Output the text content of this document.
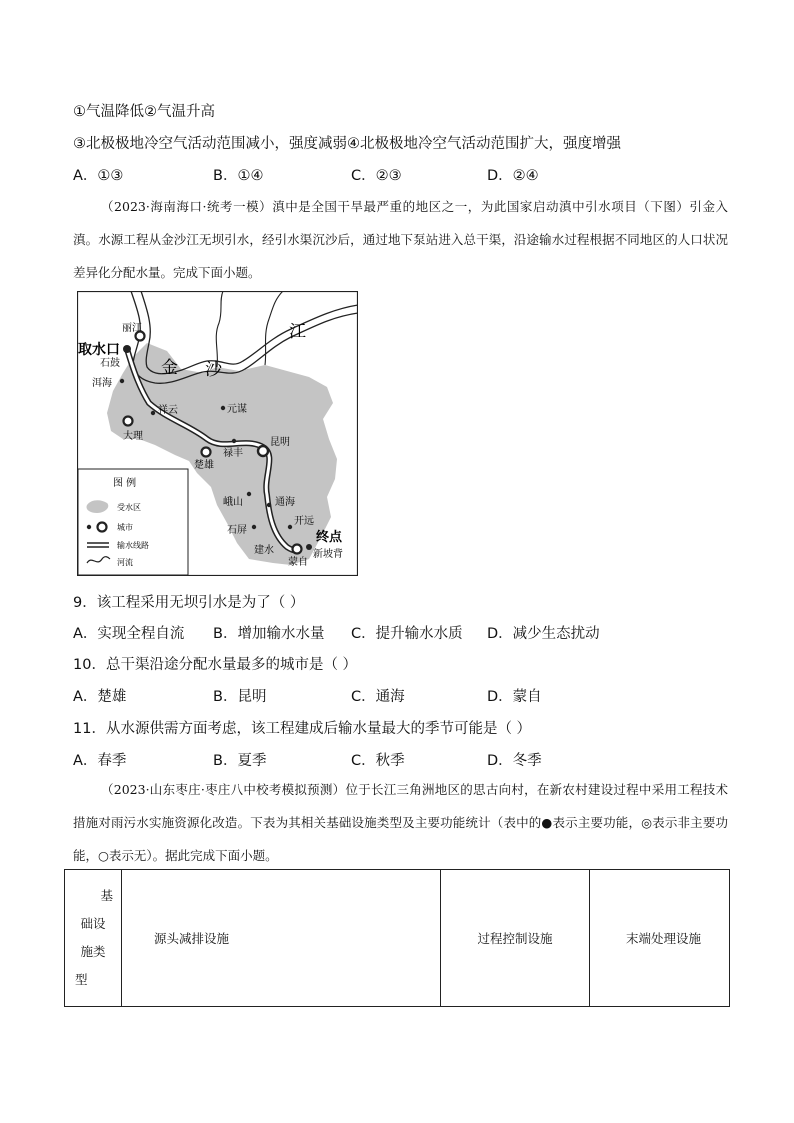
①气温降低②气温升高
③北极极地冷空气活动范围减小，强度减弱④北极极地冷空气活动范围扩大，强度增强
A．①③	B．①④	C．②③	D．②④
（2023·海南海口·统考一模）滇中是全国干旱最严重的地区之一，为此国家启动滇中引水项目（下图）引金入滇。水源工程从金沙江无坝引水，经引水渠沉沙后，通过地下泵站进入总干渠，沿途输水过程根据不同地区的人口状况差异化分配水量。完成下面小题。
金 沙
江
取水口
丽江
石鼓
洱海
祥云	元谋
大理
禄丰
昆明
楚雄
峨山	通海
开远
石屏
建水
蒙自
新坡背
终点
图 例
受水区
城市
输水线路
河流
9．该工程采用无坝引水是为了（ ）
A．实现全程自流 B．增加输水水量 C．提升输水水质 D．减少生态扰动
10．总干渠沿途分配水量最多的城市是（ ）
A．楚雄	B．昆明	C．通海	D．蒙自
11．从水源供需方面考虑，该工程建成后输水量最大的季节可能是（ ）
A．春季	B．夏季	C．秋季	D．冬季
（2023·山东枣庄·枣庄八中校考模拟预测）位于长江三角洲地区的思古向村，在新农村建设过程中采用工程技术措施对雨污水实施资源化改造。下表为其相关基础设施类型及主要功能统计（表中的●表示主要功能，◎表示非主要功能，○表示无）。据此完成下面小题。
基
础设
施类
型
	源头减排设施	过程控制设施	末端处理设施
